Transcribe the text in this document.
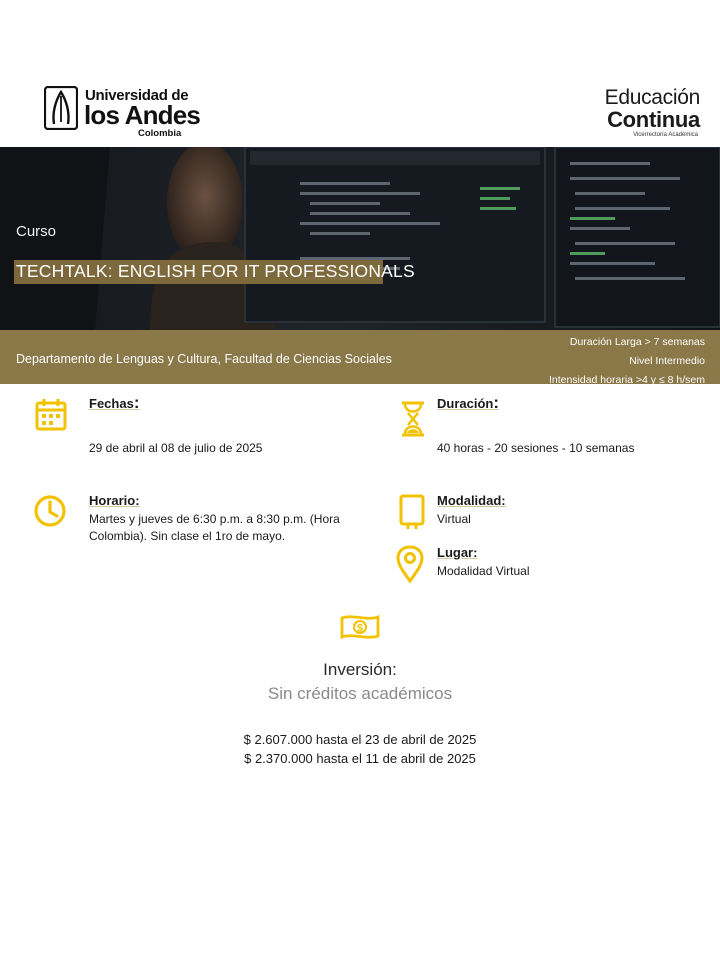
Universidad de
los Andes
Colombia
Educación
Continua
Vicerrectoría Académica
Curso
TECHTALK: ENGLISH FOR IT PROFESSIONALS
Departamento de Lenguas y Cultura, Facultad de Ciencias Sociales
Duración Larga > 7 semanas
Nivel Intermedio
Intensidad horaria >4 y ≤ 8 h/sem
Fechas:
29 de abril al 08 de julio de 2025
Duración:
40 horas - 20 sesiones - 10 semanas
Horario:
Martes y jueves de 6:30 p.m. a 8:30 p.m. (Hora Colombia). Sin clase el 1ro de mayo.
Modalidad:
Virtual
Lugar:
Modalidad Virtual
$
Inversión:
Sin créditos académicos
$ 2.607.000 hasta el 23 de abril de 2025
$ 2.370.000 hasta el 11 de abril de 2025
